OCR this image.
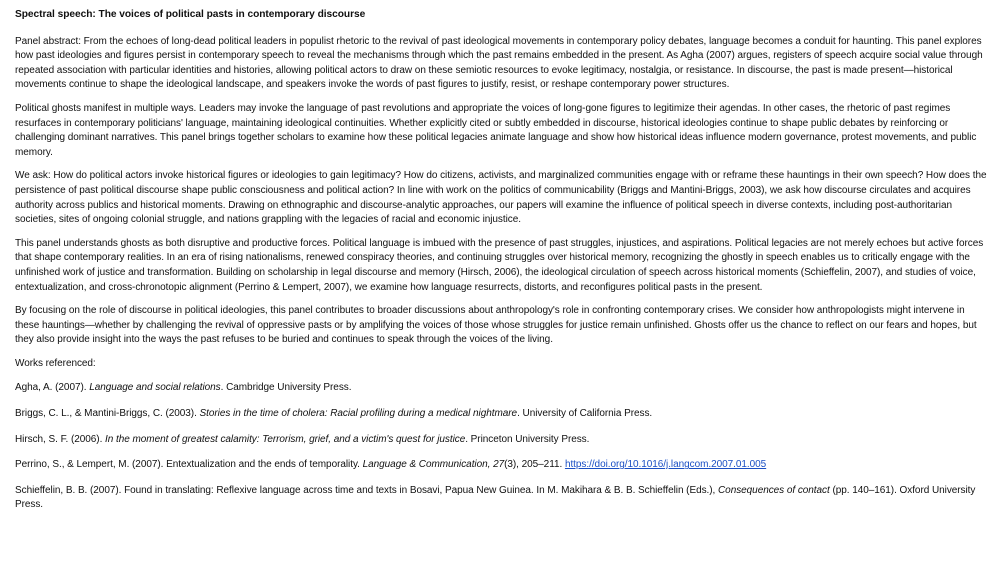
Spectral speech: The voices of political pasts in contemporary discourse

Panel abstract: From the echoes of long-dead political leaders in populist rhetoric to the revival of past ideological movements in contemporary policy debates, language becomes a conduit for haunting. This panel explores how past ideologies and figures persist in contemporary speech to reveal the mechanisms through which the past remains embedded in the present. As Agha (2007) argues, registers of speech acquire social value through repeated association with particular identities and histories, allowing political actors to draw on these semiotic resources to evoke legitimacy, nostalgia, or resistance. In discourse, the past is made present—historical movements continue to shape the ideological landscape, and speakers invoke the words of past figures to justify, resist, or reshape contemporary power structures.

Political ghosts manifest in multiple ways. Leaders may invoke the language of past revolutions and appropriate the voices of long-gone figures to legitimize their agendas. In other cases, the rhetoric of past regimes resurfaces in contemporary politicians' language, maintaining ideological continuities. Whether explicitly cited or subtly embedded in discourse, historical ideologies continue to shape public debates by reinforcing or challenging dominant narratives. This panel brings together scholars to examine how these political legacies animate language and show how historical ideas influence modern governance, protest movements, and public memory.

We ask: How do political actors invoke historical figures or ideologies to gain legitimacy? How do citizens, activists, and marginalized communities engage with or reframe these hauntings in their own speech? How does the persistence of past political discourse shape public consciousness and political action? In line with work on the politics of communicability (Briggs and Mantini-Briggs, 2003), we ask how discourse circulates and acquires authority across publics and historical moments. Drawing on ethnographic and discourse-analytic approaches, our papers will examine the influence of political speech in diverse contexts, including post-authoritarian societies, sites of ongoing colonial struggle, and nations grappling with the legacies of racial and economic injustice.

This panel understands ghosts as both disruptive and productive forces. Political language is imbued with the presence of past struggles, injustices, and aspirations. Political legacies are not merely echoes but active forces that shape contemporary realities. In an era of rising nationalisms, renewed conspiracy theories, and continuing struggles over historical memory, recognizing the ghostly in speech enables us to critically engage with the unfinished work of justice and transformation. Building on scholarship in legal discourse and memory (Hirsch, 2006), the ideological circulation of speech across historical moments (Schieffelin, 2007), and studies of voice, entextualization, and cross-chronotopic alignment (Perrino & Lempert, 2007), we examine how language resurrects, distorts, and reconfigures political pasts in the present.

By focusing on the role of discourse in political ideologies, this panel contributes to broader discussions about anthropology's role in confronting contemporary crises. We consider how anthropologists might intervene in these hauntings—whether by challenging the revival of oppressive pasts or by amplifying the voices of those whose struggles for justice remain unfinished. Ghosts offer us the chance to reflect on our fears and hopes, but they also provide insight into the ways the past refuses to be buried and continues to speak through the voices of the living.

Works referenced:
Agha, A. (2007). Language and social relations. Cambridge University Press.
Briggs, C. L., & Mantini-Briggs, C. (2003). Stories in the time of cholera: Racial profiling during a medical nightmare. University of California Press.
Hirsch, S. F. (2006). In the moment of greatest calamity: Terrorism, grief, and a victim's quest for justice. Princeton University Press.
Perrino, S., & Lempert, M. (2007). Entextualization and the ends of temporality. Language & Communication, 27(3), 205–211. https://doi.org/10.1016/j.langcom.2007.01.005
Schieffelin, B. B. (2007). Found in translating: Reflexive language across time and texts in Bosavi, Papua New Guinea. In M. Makihara & B. B. Schieffelin (Eds.), Consequences of contact (pp. 140–161). Oxford University Press.
